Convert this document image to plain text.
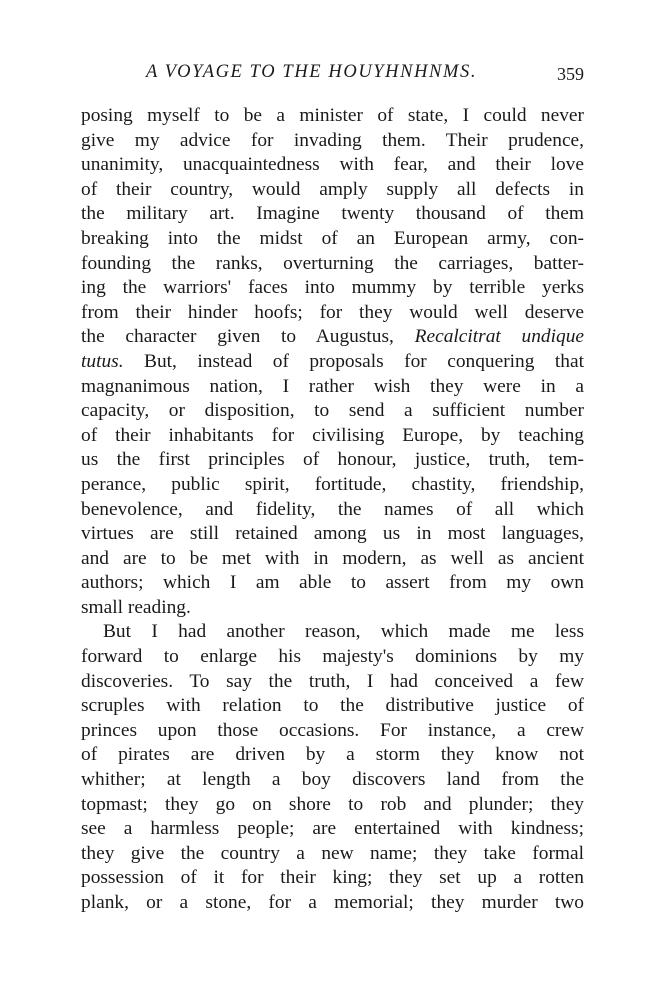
A VOYAGE TO THE HOUYHNHNMS.	359
posing myself to be a minister of state, I could never
give my advice for invading them. Their prudence,
unanimity, unacquaintedness with fear, and their love
of their country, would amply supply all defects in
the military art. Imagine twenty thousand of them
breaking into the midst of an European army, con-
founding the ranks, overturning the carriages, batter-
ing the warriors' faces into mummy by terrible yerks
from their hinder hoofs; for they would well deserve
the character given to Augustus, Recalcitrat undique
tutus. But, instead of proposals for conquering that
magnanimous nation, I rather wish they were in a
capacity, or disposition, to send a sufficient number
of their inhabitants for civilising Europe, by teaching
us the first principles of honour, justice, truth, tem-
perance, public spirit, fortitude, chastity, friendship,
benevolence, and fidelity, the names of all which
virtues are still retained among us in most languages,
and are to be met with in modern, as well as ancient
authors; which I am able to assert from my own
small reading.
But I had another reason, which made me less
forward to enlarge his majesty's dominions by my
discoveries. To say the truth, I had conceived a few
scruples with relation to the distributive justice of
princes upon those occasions. For instance, a crew
of pirates are driven by a storm they know not
whither; at length a boy discovers land from the
topmast; they go on shore to rob and plunder; they
see a harmless people; are entertained with kindness;
they give the country a new name; they take formal
possession of it for their king; they set up a rotten
plank, or a stone, for a memorial; they murder two
